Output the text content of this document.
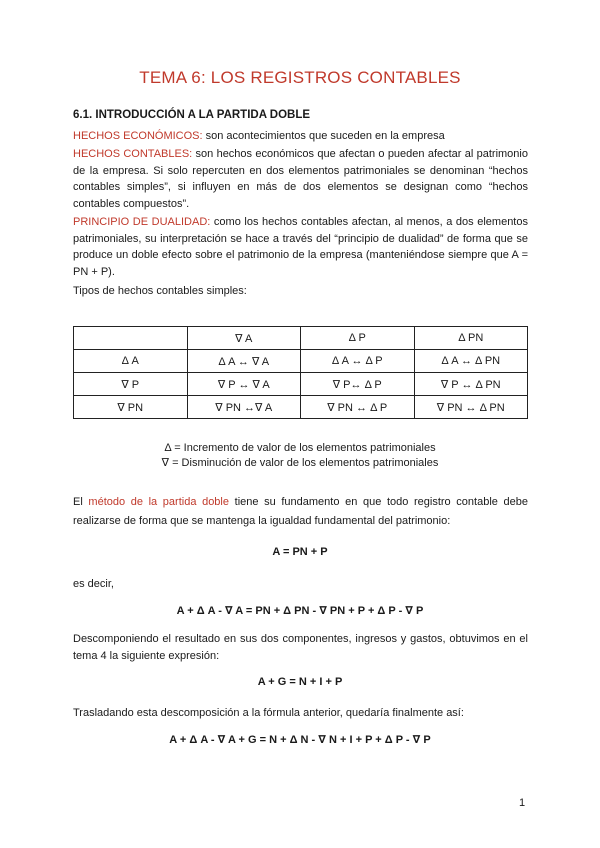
TEMA 6: LOS REGISTROS CONTABLES
6.1. INTRODUCCIÓN A LA PARTIDA DOBLE
HECHOS ECONÓMICOS: son acontecimientos que suceden en la empresa
HECHOS CONTABLES: son hechos económicos que afectan o pueden afectar al patrimonio de la empresa. Si solo repercuten en dos elementos patrimoniales se denominan “hechos contables simples”, si influyen en más de dos elementos se designan como “hechos contables compuestos”.
PRINCIPIO DE DUALIDAD: como los hechos contables afectan, al menos, a dos elementos patrimoniales, su interpretación se hace a través del “principio de dualidad” de forma que se produce un doble efecto sobre el patrimonio de la empresa (manteniéndose siempre que A = PN + P).
Tipos de hechos contables simples:
	∇ A	Δ P	Δ PN
Δ A	Δ A ↔ ∇ A	Δ A ↔ Δ P	Δ A ↔ Δ PN
∇ P	∇ P ↔ ∇ A	∇ P↔ Δ P	∇ P ↔ Δ PN
∇ PN	∇ PN ↔∇ A	∇ PN ↔ Δ P	∇ PN ↔ Δ PN
Δ = Incremento de valor de los elementos patrimoniales
∇ = Disminución de valor de los elementos patrimoniales
El método de la partida doble tiene su fundamento en que todo registro contable debe realizarse de forma que se mantenga la igualdad fundamental del patrimonio:
A = PN + P
es decir,
A + Δ A - ∇ A = PN + Δ PN - ∇ PN + P + Δ P - ∇ P
Descomponiendo el resultado en sus dos componentes, ingresos y gastos, obtuvimos en el tema 4 la siguiente expresión:
A + G = N + I + P
Trasladando esta descomposición a la fórmula anterior, quedaría finalmente así:
A + Δ A - ∇ A + G = N + Δ N - ∇ N + I + P + Δ P - ∇ P
1
